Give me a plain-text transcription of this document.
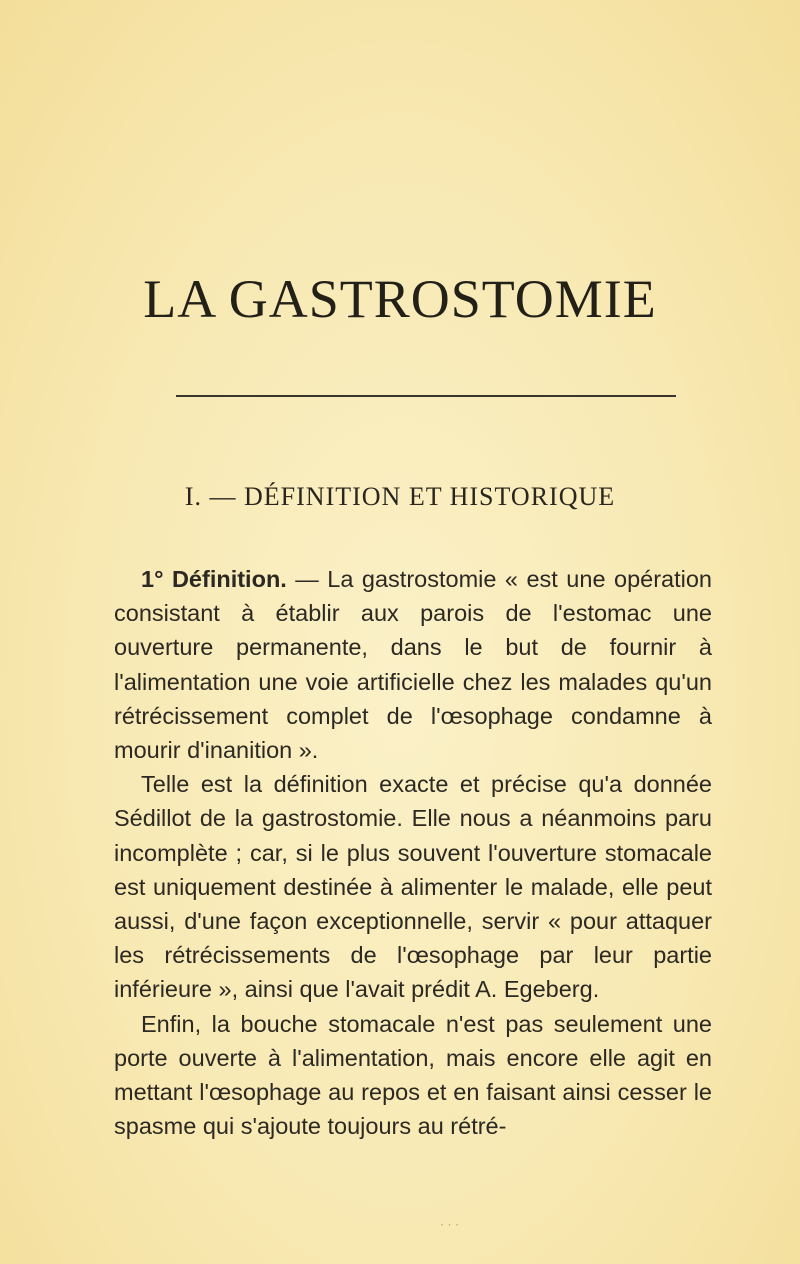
LA GASTROSTOMIE
I. — DÉFINITION ET HISTORIQUE

1° Définition. — La gastrostomie « est une opération consistant à établir aux parois de l'estomac une ouverture permanente, dans le but de fournir à l'alimentation une voie artificielle chez les malades qu'un rétrécissement complet de l'œsophage condamne à mourir d'inanition ».

Telle est la définition exacte et précise qu'a donnée Sédillot de la gastrostomie. Elle nous a néanmoins paru incomplète ; car, si le plus souvent l'ouverture stomacale est uniquement destinée à alimenter le malade, elle peut aussi, d'une façon exceptionnelle, servir « pour attaquer les rétrécissements de l'œsophage par leur partie inférieure », ainsi que l'avait prédit A. Egeberg.

Enfin, la bouche stomacale n'est pas seulement une porte ouverte à l'alimentation, mais encore elle agit en mettant l'œsophage au repos et en faisant ainsi cesser le spasme qui s'ajoute toujours au rétré-

· · ·
